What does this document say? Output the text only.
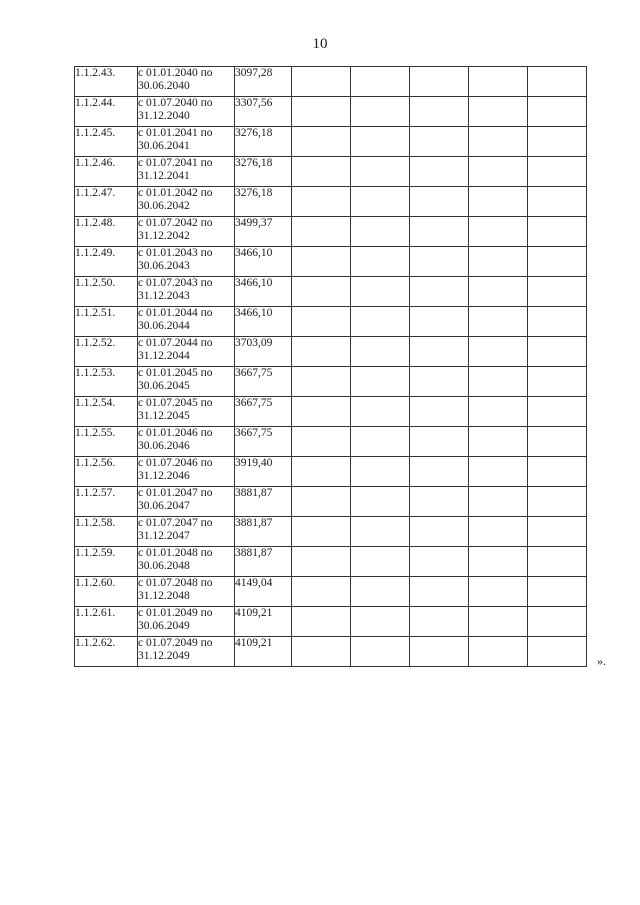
10
1.1.2.43.	с 01.01.2040 по 30.06.2040	3097,28					
1.1.2.44.	с 01.07.2040 по 31.12.2040	3307,56					
1.1.2.45.	с 01.01.2041 по 30.06.2041	3276,18					
1.1.2.46.	с 01.07.2041 по 31.12.2041	3276,18					
1.1.2.47.	с 01.01.2042 по 30.06.2042	3276,18					
1.1.2.48.	с 01.07.2042 по 31.12.2042	3499,37					
1.1.2.49.	с 01.01.2043 по 30.06.2043	3466,10					
1.1.2.50.	с 01.07.2043 по 31.12.2043	3466,10					
1.1.2.51.	с 01.01.2044 по 30.06.2044	3466,10					
1.1.2.52.	с 01.07.2044 по 31.12.2044	3703,09					
1.1.2.53.	с 01.01.2045 по 30.06.2045	3667,75					
1.1.2.54.	с 01.07.2045 по 31.12.2045	3667,75					
1.1.2.55.	с 01.01.2046 по 30.06.2046	3667,75					
1.1.2.56.	с 01.07.2046 по 31.12.2046	3919,40					
1.1.2.57.	с 01.01.2047 по 30.06.2047	3881,87					
1.1.2.58.	с 01.07.2047 по 31.12.2047	3881,87					
1.1.2.59.	с 01.01.2048 по 30.06.2048	3881,87					
1.1.2.60.	с 01.07.2048 по 31.12.2048	4149,04					
1.1.2.61.	с 01.01.2049 по 30.06.2049	4109,21					
1.1.2.62.	с 01.07.2049 по 31.12.2049	4109,21					
».
